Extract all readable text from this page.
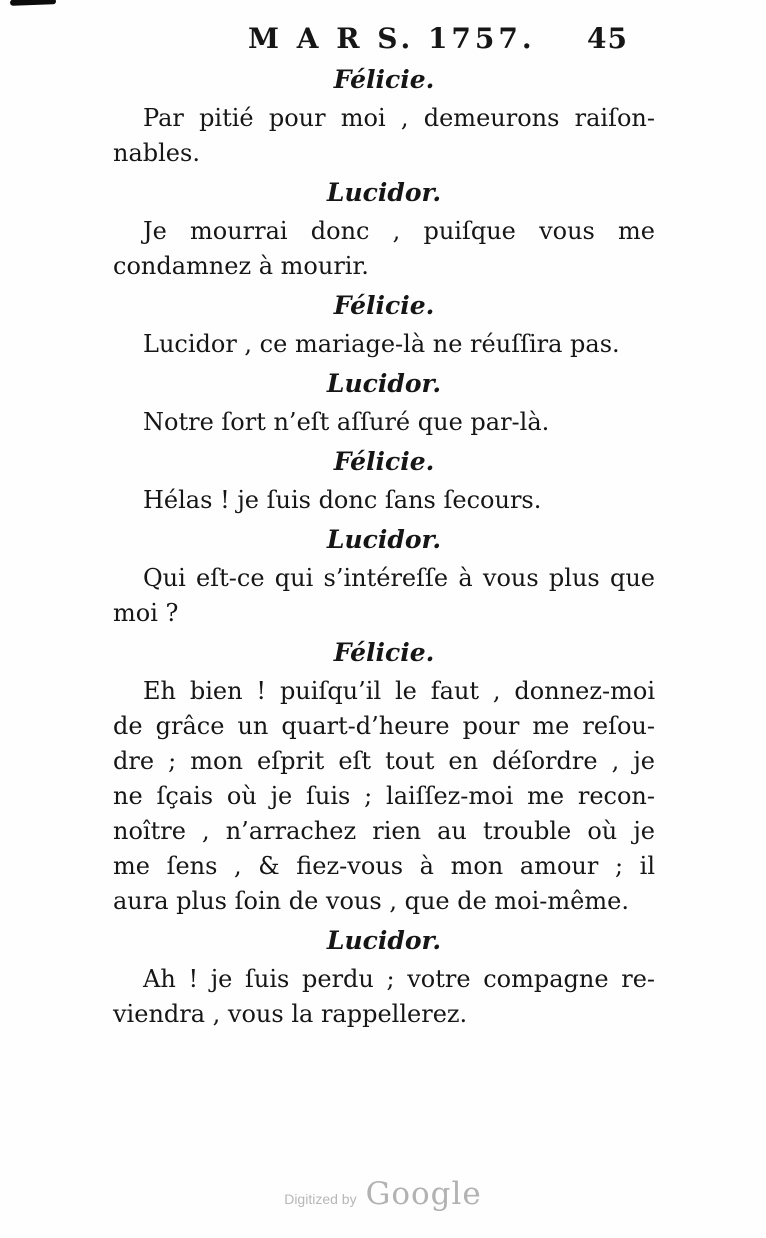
M A R S. 1757. 45
Félicie.
Par pitié pour moi , demeurons raiſon-
nables.
Lucidor.
Je mourrai donc , puiſque vous me
condamnez à mourir.
Félicie.
Lucidor , ce mariage-là ne réuſſira pas.
Lucidor.
Notre ſort n’eſt aſſuré que par-là.
Félicie.
Hélas ! je ſuis donc ſans ſecours.
Lucidor.
Qui eſt-ce qui s’intéreſſe à vous plus que
moi ?
Félicie.
Eh bien ! puiſqu’il le faut , donnez-moi
de grâce un quart-d’heure pour me reſou-
dre ; mon eſprit eſt tout en déſordre , je
ne ſçais où je ſuis ; laiſſez-moi me recon-
noître , n’arrachez rien au trouble où je
me ſens , & fiez-vous à mon amour ; il
aura plus ſoin de vous , que de moi-même.
Lucidor.
Ah ! je ſuis perdu ; votre compagne re-
viendra , vous la rappellerez.
Digitized by Google
